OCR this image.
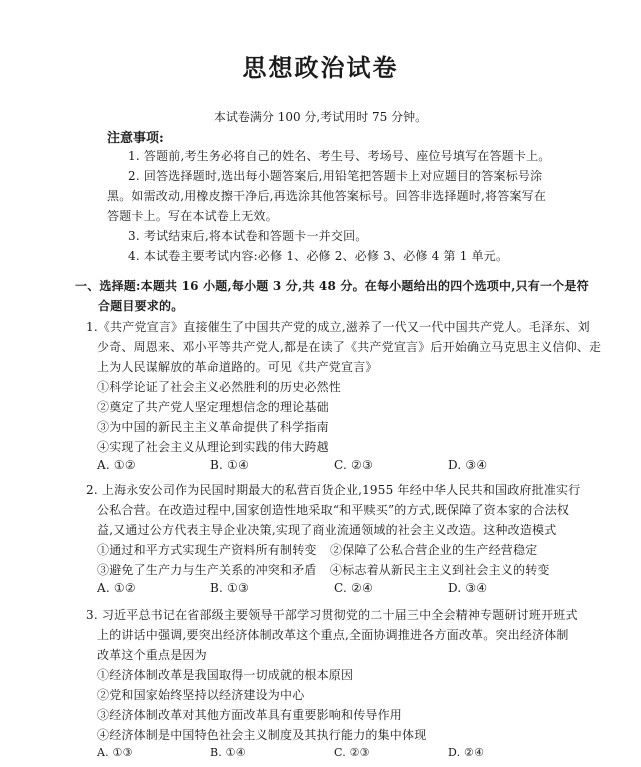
思想政治试卷
本试卷满分 100 分,考试用时 75 分钟。
注意事项:
1. 答题前,考生务必将自己的姓名、考生号、考场号、座位号填写在答题卡上。
2. 回答选择题时,选出每小题答案后,用铅笔把答题卡上对应题目的答案标号涂
黑。如需改动,用橡皮擦干净后,再选涂其他答案标号。回答非选择题时,将答案写在
答题卡上。写在本试卷上无效。
3. 考试结束后,将本试卷和答题卡一并交回。
4. 本试卷主要考试内容:必修 1、必修 2、必修 3、必修 4 第 1 单元。
一、选择题:本题共 16 小题,每小题 3 分,共 48 分。在每小题给出的四个选项中,只有一个是符
合题目要求的。
1.《共产党宣言》直接催生了中国共产党的成立,滋养了一代又一代中国共产党人。毛泽东、刘
少奇、周恩来、邓小平等共产党人,都是在读了《共产党宣言》后开始确立马克思主义信仰、走
上为人民谋解放的革命道路的。可见《共产党宣言》
①科学论证了社会主义必然胜利的历史必然性
②奠定了共产党人坚定理想信念的理论基础
③为中国的新民主主义革命提供了科学指南
④实现了社会主义从理论到实践的伟大跨越
A. ①②	B. ①④	C. ②③	D. ③④
2. 上海永安公司作为民国时期最大的私营百货企业,1955 年经中华人民共和国政府批准实行
公私合营。在改造过程中,国家创造性地采取“和平赎买”的方式,既保障了资本家的合法权
益,又通过公方代表主导企业决策,实现了商业流通领域的社会主义改造。这种改造模式
①通过和平方式实现生产资料所有制转变 ②保障了公私合营企业的生产经营稳定
③避免了生产力与生产关系的冲突和矛盾 ④标志着从新民主主义到社会主义的转变
A. ①②	B. ①③	C. ②④	D. ③④
3. 习近平总书记在省部级主要领导干部学习贯彻党的二十届三中全会精神专题研讨班开班式
上的讲话中强调,要突出经济体制改革这个重点,全面协调推进各方面改革。突出经济体制
改革这个重点是因为
①经济体制改革是我国取得一切成就的根本原因
②党和国家始终坚持以经济建设为中心
③经济体制改革对其他方面改革具有重要影响和传导作用
④经济体制是中国特色社会主义制度及其执行能力的集中体现
A. ①③	B. ①④	C. ②③	D. ②④
